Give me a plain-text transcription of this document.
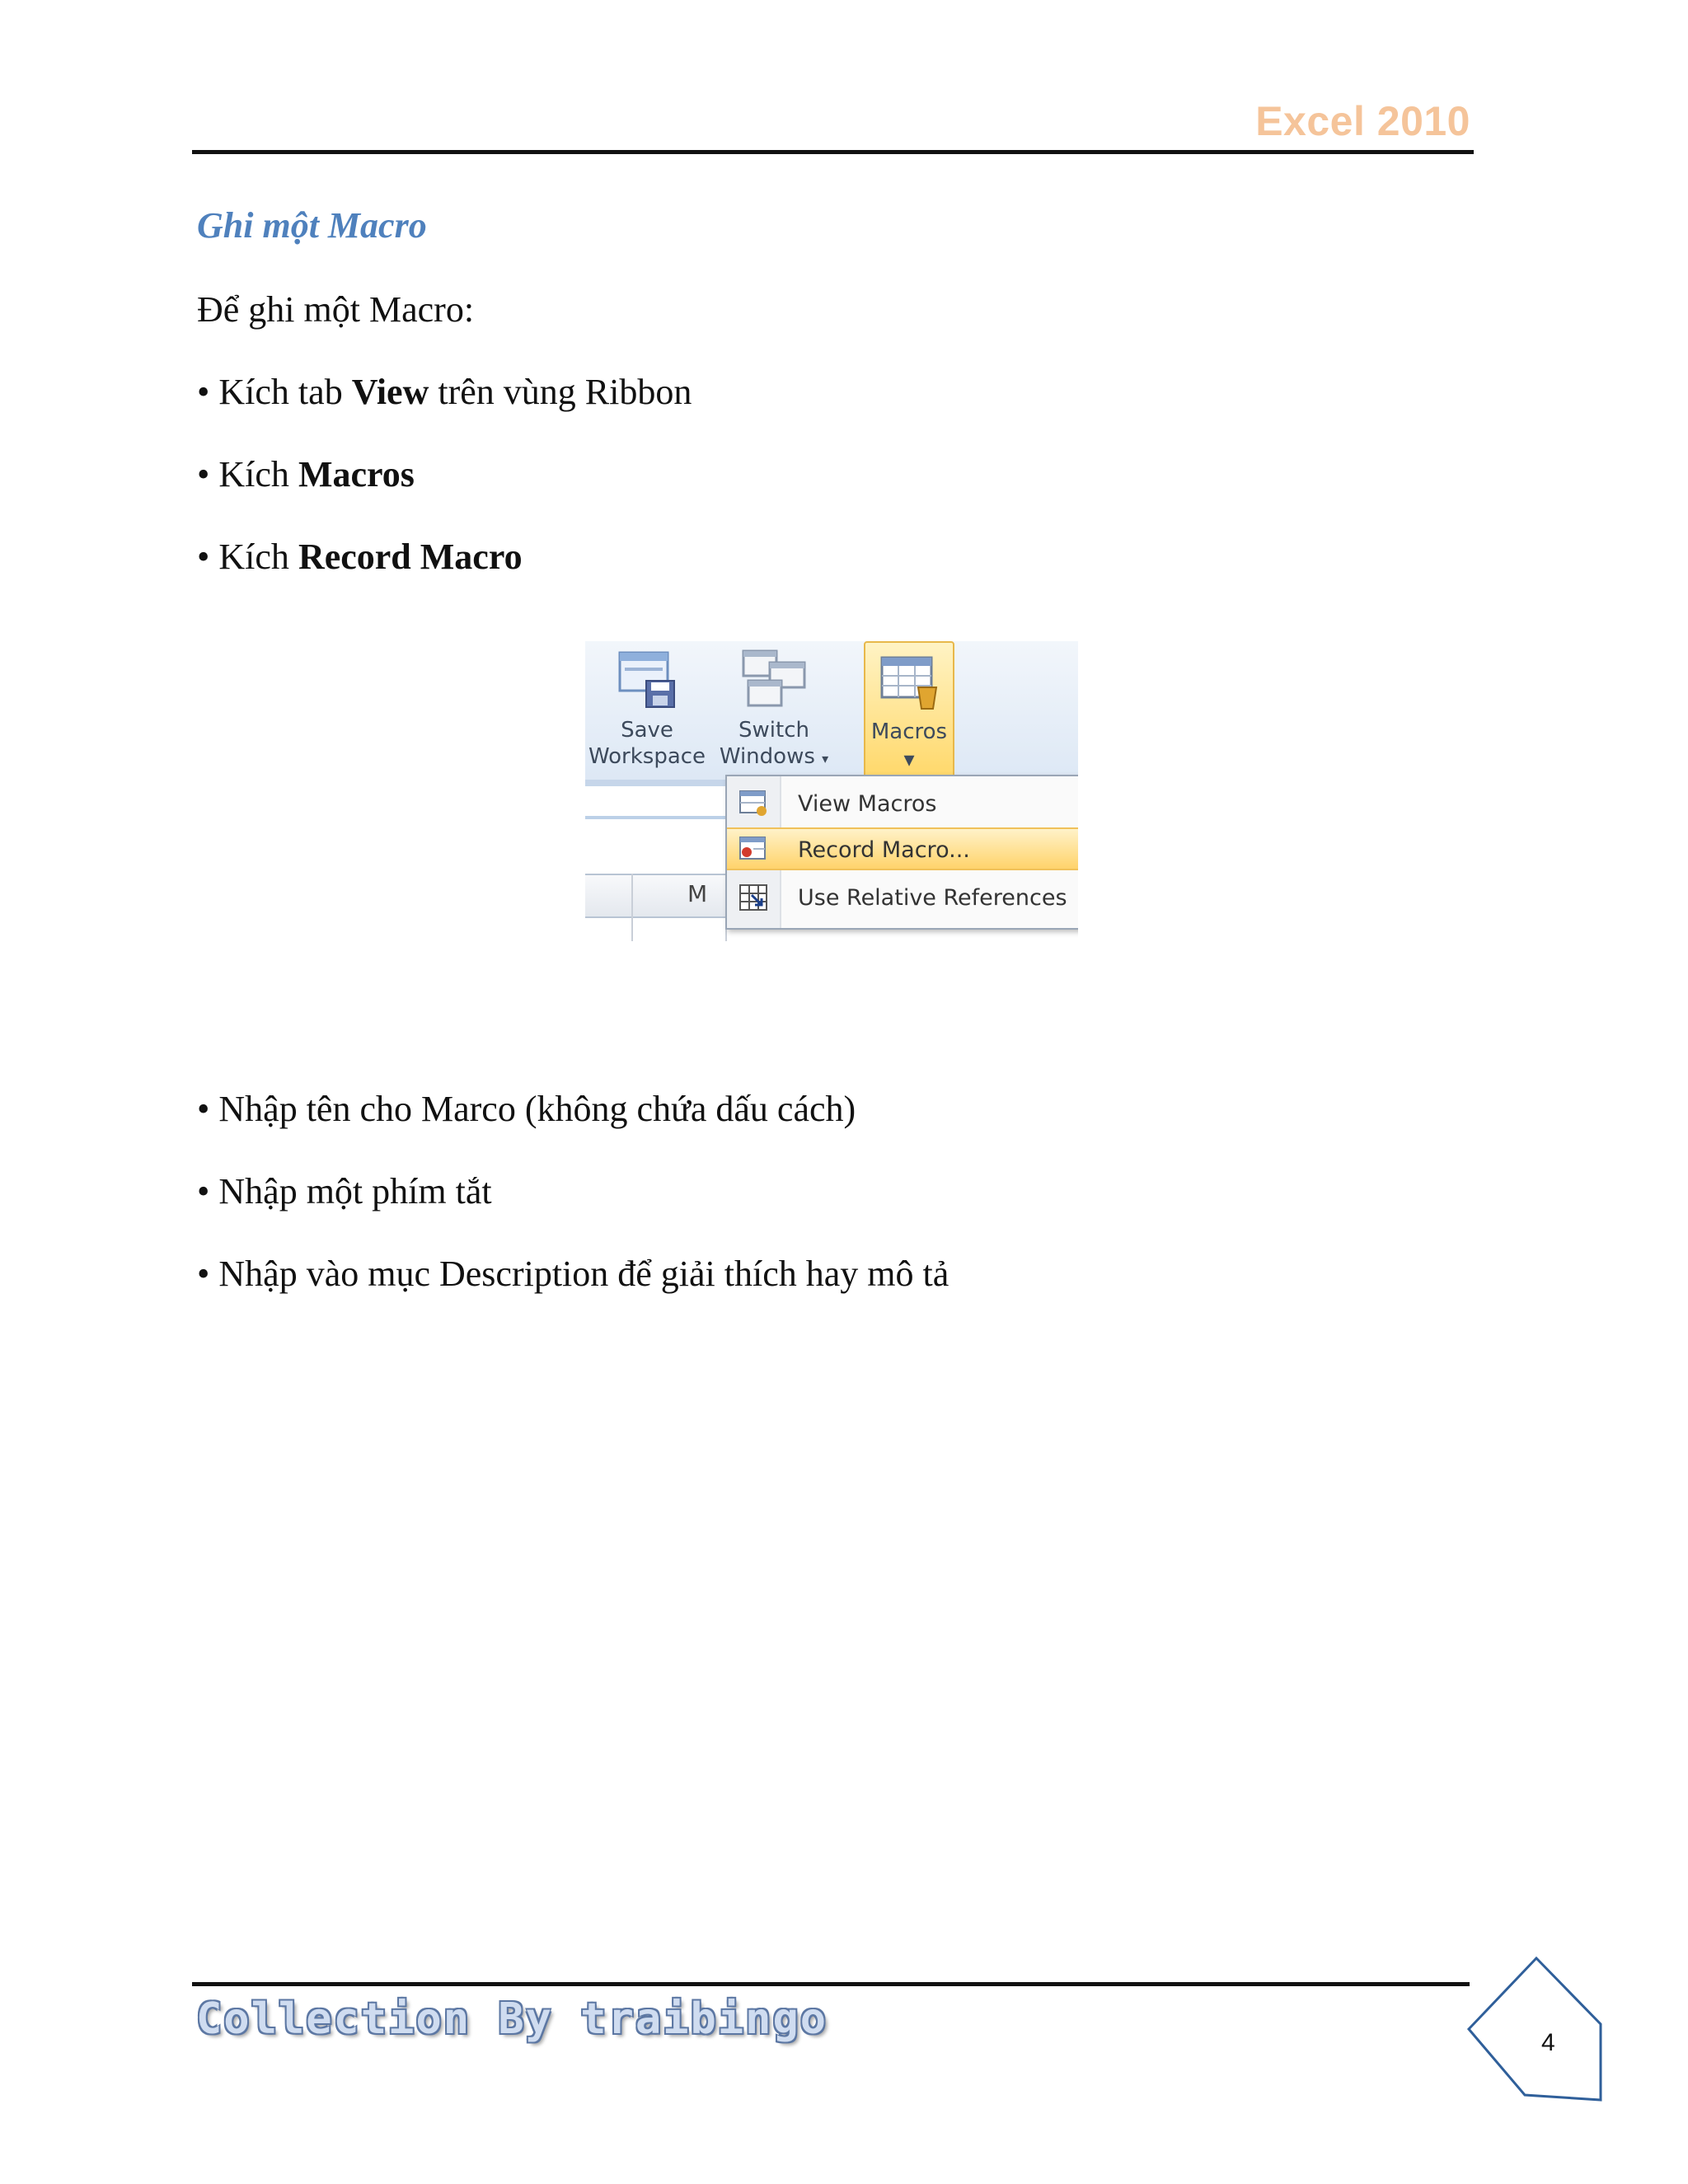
Excel 2010
Ghi một Macro
Để ghi một Macro:
• Kích tab View trên vùng Ribbon
• Kích Macros
• Kích Record Macro
Save
Workspace
Switch
Windows ▾
Macros
▾
M
View Macros
Record Macro...
Use Relative References
• Nhập tên cho Marco (không chứa dấu cách)
• Nhập một phím tắt
• Nhập vào mục Description để giải thích hay mô tả
Collection By traibingo	4
